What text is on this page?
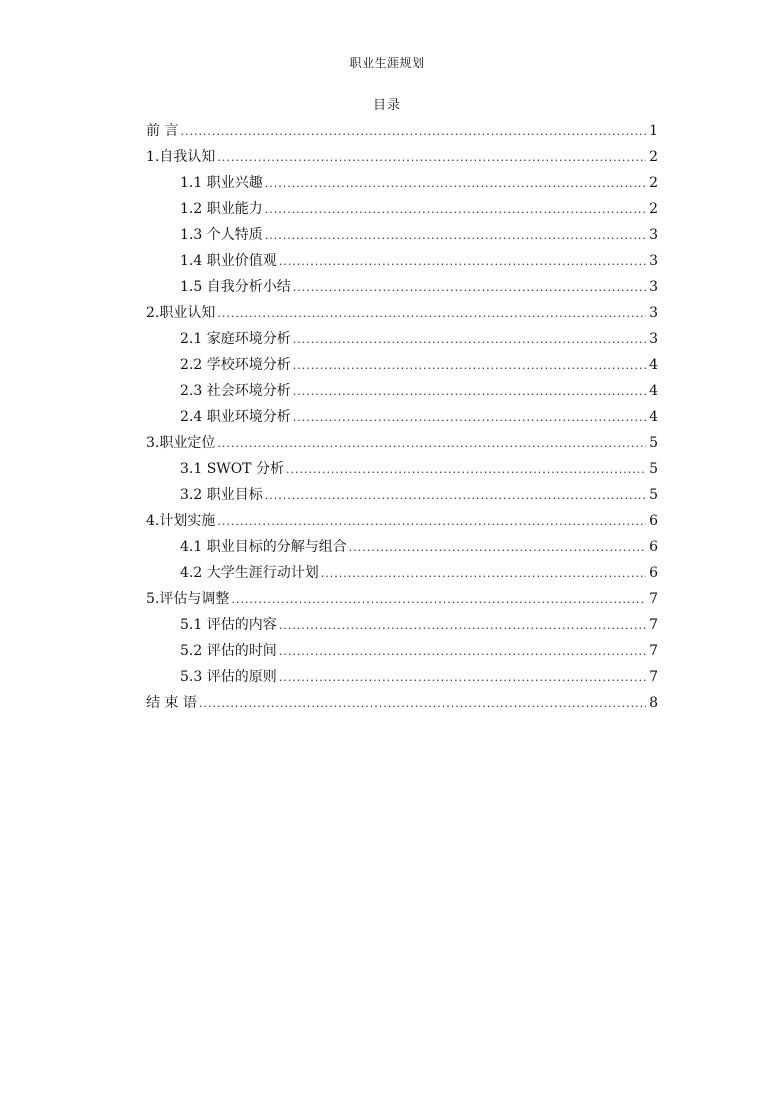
职业生涯规划
目录
前 言 .....	1
1.自我认知 .....	2
1.1 职业兴趣 .....	2
1.2 职业能力 .....	2
1.3 个人特质 .....	3
1.4 职业价值观 .....	3
1.5 自我分析小结 .....	3
2.职业认知 .....	3
2.1 家庭环境分析 .....	3
2.2 学校环境分析 .....	4
2.3 社会环境分析 .....	4
2.4 职业环境分析 .....	4
3.职业定位 .....	5
3.1 SWOT 分析 .....	5
3.2 职业目标 .....	5
4.计划实施 .....	6
4.1 职业目标的分解与组合 .....	6
4.2 大学生涯行动计划 .....	6
5.评估与调整 .....	7
5.1 评估的内容 .....	7
5.2 评估的时间 .....	7
5.3 评估的原则 .....	7
结 束 语 .....	8
